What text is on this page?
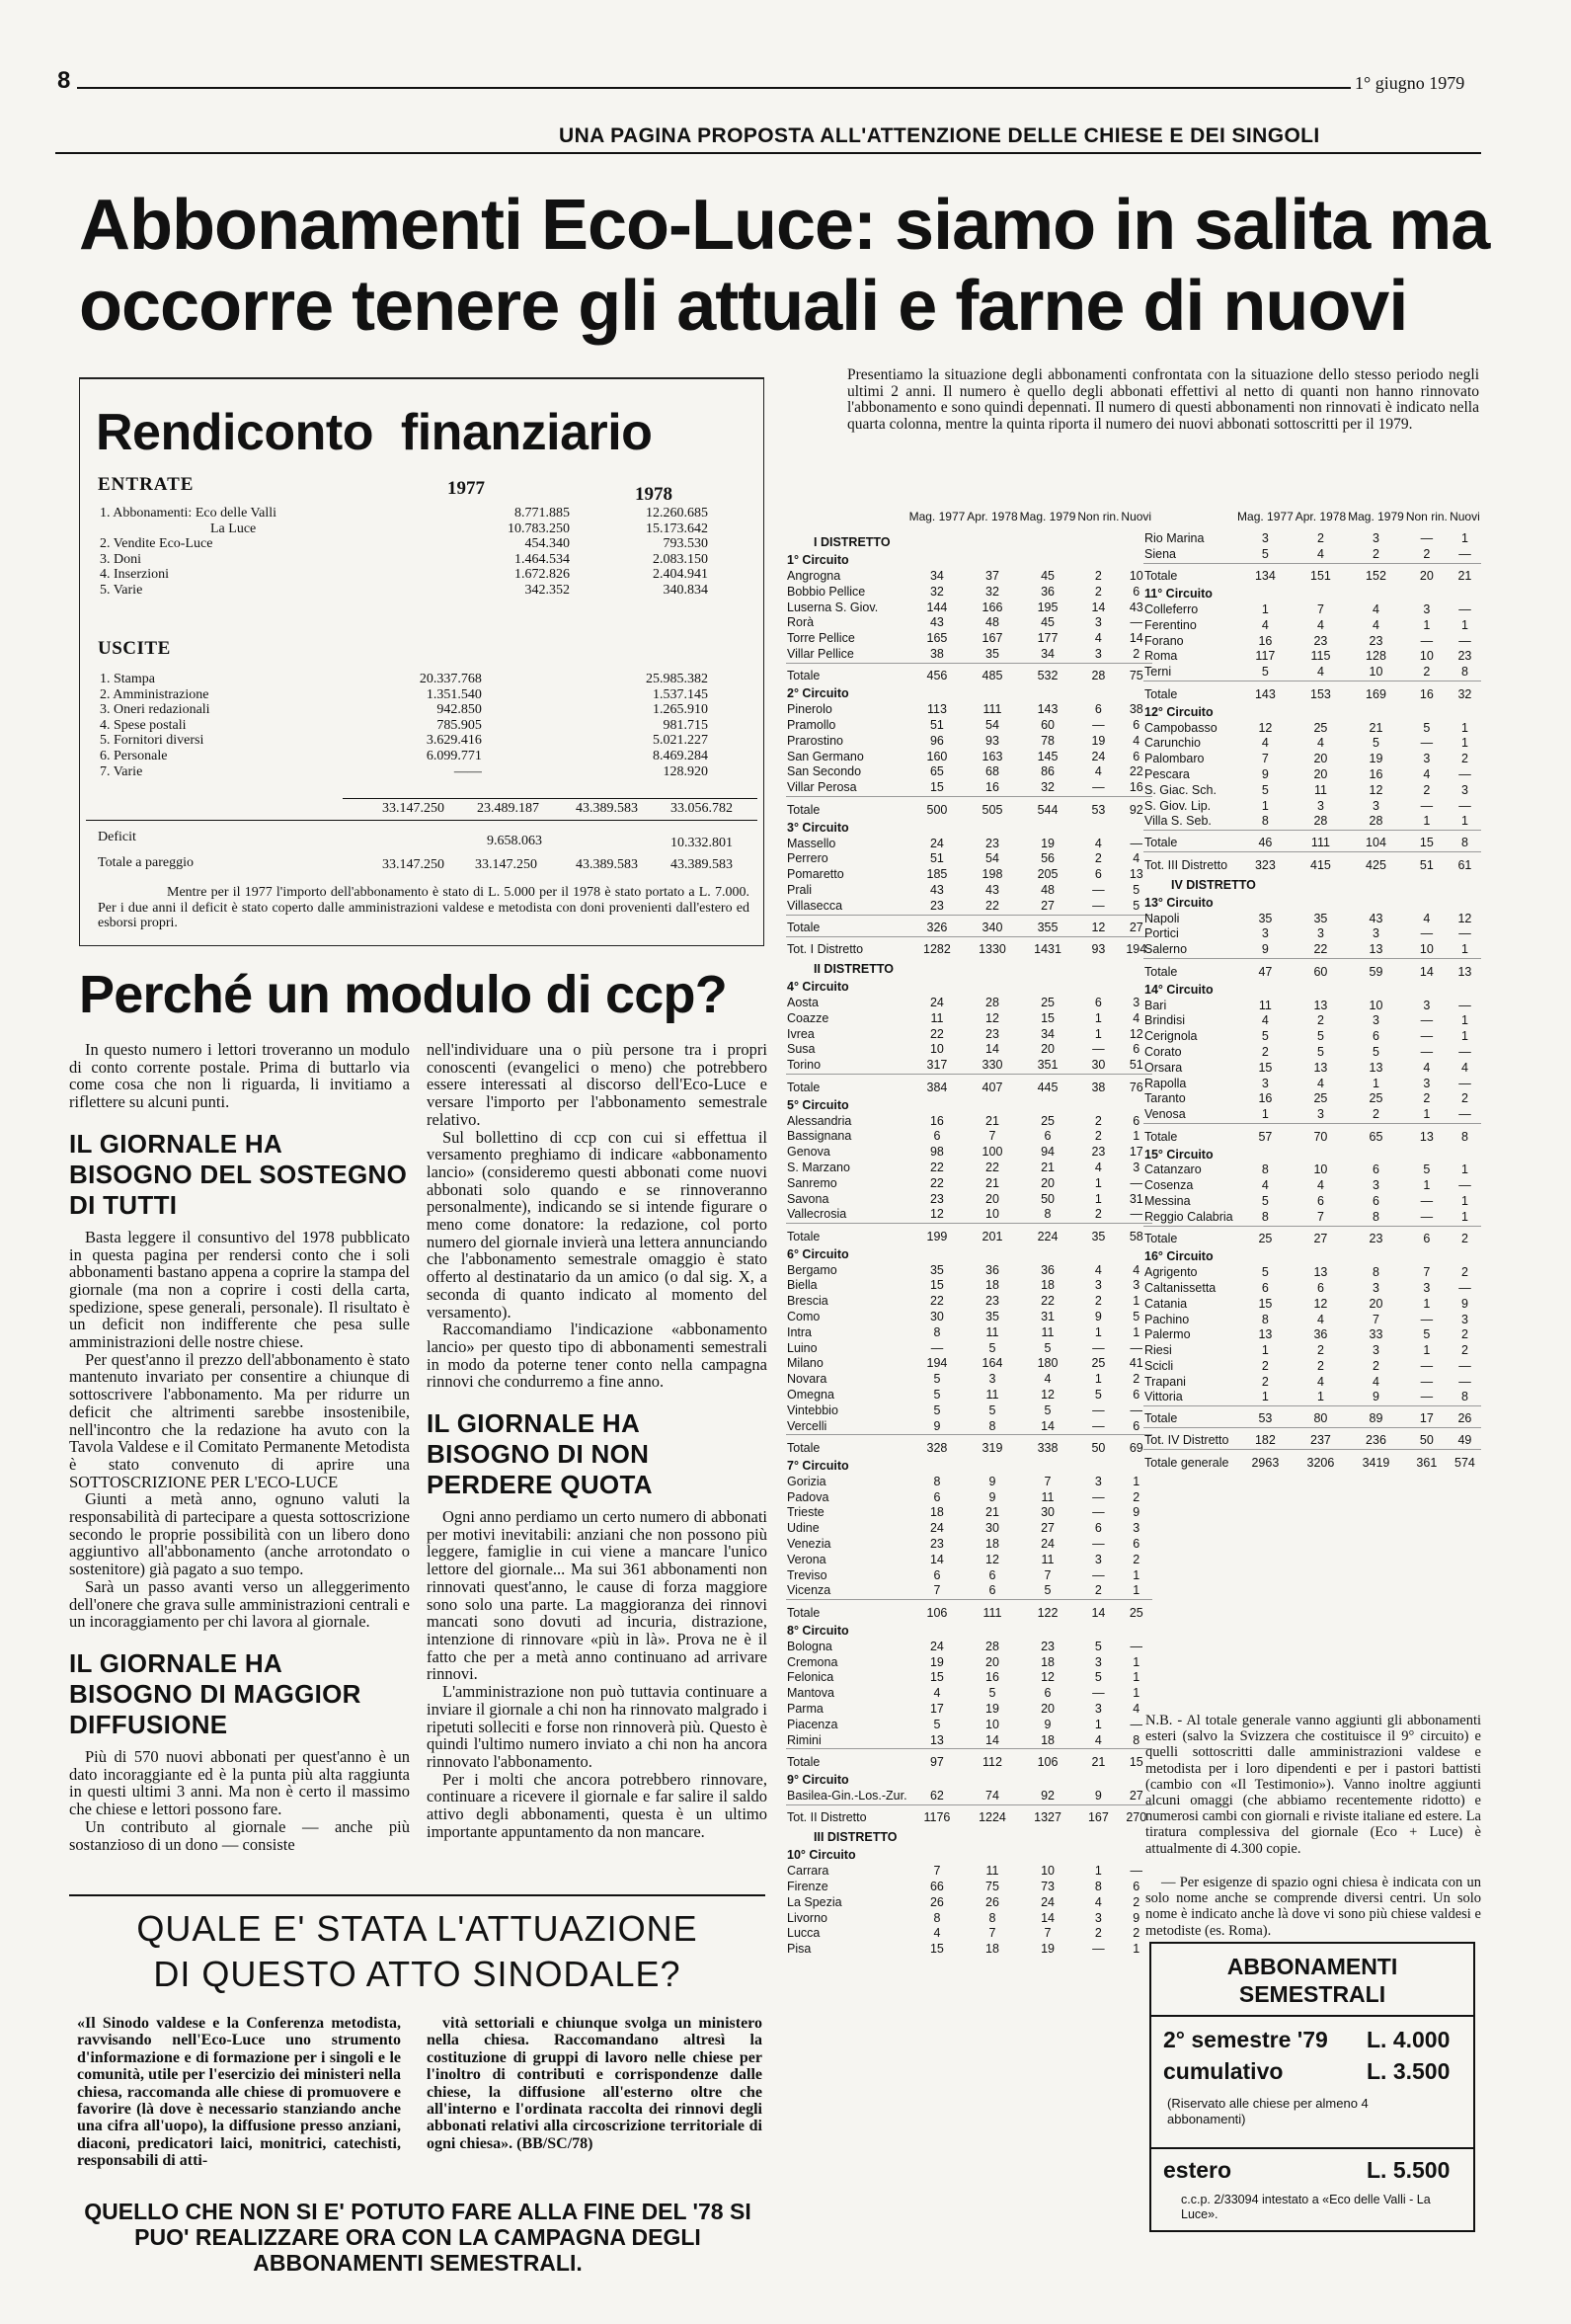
8	1° giugno 1979
UNA PAGINA PROPOSTA ALL'ATTENZIONE DELLE CHIESE E DEI SINGOLI
Abbonamenti Eco-Luce: siamo in salita ma
occorre tenere gli attuali e farne di nuovi

Presentiamo la situazione degli abbonamenti confrontata con la situazione dello stesso periodo negli ultimi 2 anni. Il numero è quello degli abbonati effettivi al netto di quanti non hanno rinnovato l'abbonamento e sono quindi depennati. Il numero di questi abbonamenti non rinnovati è indicato nella quarta colonna, mentre la quinta riporta il numero dei nuovi abbonati sottoscritti per il 1979.

Rendiconto finanziario
ENTRATE	1977	1978
1. Abbonamenti: Eco delle Valli		8.771.885		12.260.685
La Luce		10.783.250		15.173.642
2. Vendite Eco-Luce		454.340		793.530
3. Doni		1.464.534		2.083.150
4. Inserzioni		1.672.826		2.404.941
5. Varie		342.352		340.834
USCITE
1. Stampa	20.337.768		25.985.382
2. Amministrazione	1.351.540		1.537.145
3. Oneri redazionali	942.850		1.265.910
4. Spese postali	785.905		981.715
5. Fornitori diversi	3.629.416		5.021.227
6. Personale	6.099.771		8.469.284
7. Varie	——		128.920
33.147.250 23.489.187	43.389.583 33.056.782
Deficit	9.658.063	10.332.801
Totale a pareggio	33.147.250 33.147.250	43.389.583 43.389.583

Mentre per il 1977 l'importo dell'abbonamento è stato di L. 5.000 per il 1978 è stato portato a L. 7.000. Per i due anni il deficit è stato coperto dalle amministrazioni valdese e metodista con doni provenienti dall'estero ed esborsi propri.

Perché un modulo di ccp?

In questo numero i lettori troveranno un modulo di conto corrente postale. Prima di buttarlo via come cosa che non li riguarda, li invitiamo a riflettere su alcuni punti.

IL GIORNALE HA BISOGNO DEL SOSTEGNO DI TUTTI

Basta leggere il consuntivo del 1978 pubblicato in questa pagina per rendersi conto che i soli abbonamenti bastano appena a coprire la stampa del giornale (ma non a coprire i costi della carta, spedizione, spese generali, personale). Il risultato è un deficit non indifferente che pesa sulle amministrazioni delle nostre chiese.

Per quest'anno il prezzo dell'abbonamento è stato mantenuto invariato per consentire a chiunque di sottoscrivere l'abbonamento. Ma per ridurre un deficit che altrimenti sarebbe insostenibile, nell'incontro che la redazione ha avuto con la Tavola Valdese e il Comitato Permanente Metodista è stato convenuto di aprire una SOTTOSCRIZIONE PER L'ECO-LUCE

Giunti a metà anno, ognuno valuti la responsabilità di partecipare a questa sottoscrizione secondo le proprie possibilità con un libero dono aggiuntivo all'abbonamento (anche arrotondato o sostenitore) già pagato a suo tempo.

Sarà un passo avanti verso un alleggerimento dell'onere che grava sulle amministrazioni centrali e un incoraggiamento per chi lavora al giornale.

IL GIORNALE HA BISOGNO DI MAGGIOR DIFFUSIONE

Più di 570 nuovi abbonati per quest'anno è un dato incoraggiante ed è la punta più alta raggiunta in questi ultimi 3 anni. Ma non è certo il massimo che chiese e lettori possono fare.

Un contributo al giornale — anche più sostanzioso di un dono — consiste

nell'individuare una o più persone tra i propri conoscenti (evangelici o meno) che potrebbero essere interessati al discorso dell'Eco-Luce e versare l'importo per l'abbonamento semestrale relativo.

Sul bollettino di ccp con cui si effettua il versamento preghiamo di indicare «abbonamento lancio» (consideremo questi abbonati come nuovi abbonati solo quando e se rinnoveranno personalmente), indicando se si intende figurare o meno come donatore: la redazione, col porto numero del giornale invierà una lettera annunciando che l'abbonamento semestrale omaggio è stato offerto al destinatario da un amico (o dal sig. X, a seconda di quanto indicato al momento del versamento).

Raccomandiamo l'indicazione «abbonamento lancio» per questo tipo di abbonamenti semestrali in modo da poterne tener conto nella campagna rinnovi che condurremo a fine anno.

IL GIORNALE HA BISOGNO DI NON PERDERE QUOTA

Ogni anno perdiamo un certo numero di abbonati per motivi inevitabili: anziani che non possono più leggere, famiglie in cui viene a mancare l'unico lettore del giornale... Ma sui 361 abbonamenti non rinnovati quest'anno, le cause di forza maggiore sono solo una parte. La maggioranza dei rinnovi mancati sono dovuti ad incuria, distrazione, intenzione di rinnovare «più in là». Prova ne è il fatto che per a metà anno continuano ad arrivare rinnovi.

L'amministrazione non può tuttavia continuare a inviare il giornale a chi non ha rinnovato malgrado i ripetuti solleciti e forse non rinnoverà più. Questo è quindi l'ultimo numero inviato a chi non ha ancora rinnovato l'abbonamento.

Per i molti che ancora potrebbero rinnovare, continuare a ricevere il giornale e far salire il saldo attivo degli abbonamenti, questa è un ultimo importante appuntamento da non mancare.

QUALE E' STATA L'ATTUAZIONE
DI QUESTO ATTO SINODALE?

«Il Sinodo valdese e la Conferenza metodista, ravvisando nell'Eco-Luce uno strumento d'informazione e di formazione per i singoli e le comunità, utile per l'esercizio dei ministeri nella chiesa, raccomanda alle chiese di promuovere e favorire (là dove è necessario stanziando anche una cifra all'uopo), la diffusione presso anziani, diaconi, predicatori laici, monitrici, catechisti, responsabili di atti-

vità settoriali e chiunque svolga un ministero nella chiesa. Raccomandano altresì la costituzione di gruppi di lavoro nelle chiese per l'inoltro di contributi e corrispondenze dalle chiese, la diffusione all'esterno oltre che all'interno e l'ordinata raccolta dei rinnovi degli abbonati relativi alla circoscrizione territoriale di ogni chiesa». (BB/SC/78)

QUELLO CHE NON SI E' POTUTO FARE ALLA FINE DEL '78 SI PUO' REALIZZARE ORA CON LA CAMPAGNA DEGLI ABBONAMENTI SEMESTRALI.
	Mag. 1977	Apr. 1978	Mag. 1979	Non rin.	Nuovi

I DISTRETTO					
1° Circuito					
Angrogna	34	37	45	2	10
Bobbio Pellice	32	32	36	2	6
Luserna S. Giov.	144	166	195	14	43
Rorà	43	48	45	3	—
Torre Pellice	165	167	177	4	14
Villar Pellice	38	35	34	3	2
Totale	456	485	532	28	75
2° Circuito					
Pinerolo	113	111	143	6	38
Pramollo	51	54	60	—	6
Prarostino	96	93	78	19	4
San Germano	160	163	145	24	6
San Secondo	65	68	86	4	22
Villar Perosa	15	16	32	—	16
Totale	500	505	544	53	92
3° Circuito					
Massello	24	23	19	4	—
Perrero	51	54	56	2	4
Pomaretto	185	198	205	6	13
Prali	43	43	48	—	5
Villasecca	23	22	27	—	5
Totale	326	340	355	12	27
Tot. I Distretto	1282	1330	1431	93	194
II DISTRETTO					
4° Circuito					
Aosta	24	28	25	6	3
Coazze	11	12	15	1	4
Ivrea	22	23	34	1	12
Susa	10	14	20	—	6
Torino	317	330	351	30	51
Totale	384	407	445	38	76
5° Circuito					
Alessandria	16	21	25	2	6
Bassignana	6	7	6	2	1
Genova	98	100	94	23	17
S. Marzano	22	22	21	4	3
Sanremo	22	21	20	1	—
Savona	23	20	50	1	31
Vallecrosia	12	10	8	2	—
Totale	199	201	224	35	58
6° Circuito					
Bergamo	35	36	36	4	4
Biella	15	18	18	3	3
Brescia	22	23	22	2	1
Como	30	35	31	9	5
Intra	8	11	11	1	1
Luino	—	5	5	—	—
Milano	194	164	180	25	41
Novara	5	3	4	1	2
Omegna	5	11	12	5	6
Vintebbio	5	5	5	—	—
Vercelli	9	8	14	—	6
Totale	328	319	338	50	69
7° Circuito					
Gorizia	8	9	7	3	1
Padova	6	9	11	—	2
Trieste	18	21	30	—	9
Udine	24	30	27	6	3
Venezia	23	18	24	—	6
Verona	14	12	11	3	2
Treviso	6	6	7	—	1
Vicenza	7	6	5	2	1
Totale	106	111	122	14	25
8° Circuito					
Bologna	24	28	23	5	—
Cremona	19	20	18	3	1
Felonica	15	16	12	5	1
Mantova	4	5	6	—	1
Parma	17	19	20	3	4
Piacenza	5	10	9	1	—
Rimini	13	14	18	4	8
Totale	97	112	106	21	15
9° Circuito					
Basilea-Gin.-Los.-Zur.	62	74	92	9	27
Tot. II Distretto	1176	1224	1327	167	270
III DISTRETTO					
10° Circuito					
Carrara	7	11	10	1	—
Firenze	66	75	73	8	6
La Spezia	26	26	24	4	2
Livorno	8	8	14	3	9
Lucca	4	7	7	2	2
Pisa	15	18	19	—	1
	Mag. 1977	Apr. 1978	Mag. 1979	Non rin.	Nuovi

Rio Marina	3	2	3	—	1
Siena	5	4	2	2	—
Totale	134	151	152	20	21
11° Circuito					
Colleferro	1	7	4	3	—
Ferentino	4	4	4	1	1
Forano	16	23	23	—	—
Roma	117	115	128	10	23
Terni	5	4	10	2	8
Totale	143	153	169	16	32
12° Circuito					
Campobasso	12	25	21	5	1
Carunchio	4	4	5	—	1
Palombaro	7	20	19	3	2
Pescara	9	20	16	4	—
S. Giac. Sch.	5	11	12	2	3
S. Giov. Lip.	1	3	3	—	—
Villa S. Seb.	8	28	28	1	1
Totale	46	111	104	15	8
Tot. III Distretto	323	415	425	51	61
IV DISTRETTO					
13° Circuito					
Napoli	35	35	43	4	12
Portici	3	3	3	—	—
Salerno	9	22	13	10	1
Totale	47	60	59	14	13
14° Circuito					
Bari	11	13	10	3	—
Brindisi	4	2	3	—	1
Cerignola	5	5	6	—	1
Corato	2	5	5	—	—
Orsara	15	13	13	4	4
Rapolla	3	4	1	3	—
Taranto	16	25	25	2	2
Venosa	1	3	2	1	—
Totale	57	70	65	13	8
15° Circuito					
Catanzaro	8	10	6	5	1
Cosenza	4	4	3	1	—
Messina	5	6	6	—	1
Reggio Calabria	8	7	8	—	1
Totale	25	27	23	6	2
16° Circuito					
Agrigento	5	13	8	7	2
Caltanissetta	6	6	3	3	—
Catania	15	12	20	1	9
Pachino	8	4	7	—	3
Palermo	13	36	33	5	2
Riesi	1	2	3	1	2
Scicli	2	2	2	—	—
Trapani	2	4	4	—	—
Vittoria	1	1	9	—	8
Totale	53	80	89	17	26
Tot. IV Distretto	182	237	236	50	49
Totale generale	2963	3206	3419	361	574

N.B. - Al totale generale vanno aggiunti gli abbonamenti esteri (salvo la Svizzera che costituisce il 9° circuito) e quelli sottoscritti dalle amministrazioni valdese e metodista per i loro dipendenti e per i pastori battisti (cambio con «Il Testimonio»). Vanno inoltre aggiunti alcuni omaggi (che abbiamo recentemente ridotto) e numerosi cambi con giornali e riviste italiane ed estere. La tiratura complessiva del giornale (Eco + Luce) è attualmente di 4.300 copie.

— Per esigenze di spazio ogni chiesa è indicata con un solo nome anche se comprende diversi centri. Un solo nome è indicato anche là dove vi sono più chiese valdesi e metodiste (es. Roma).

ABBONAMENTI
SEMESTRALI
2° semestre '79 L. 4.000
cumulativo	L. 3.500
(Riservato alle chiese per almeno 4 abbonamenti)
estero	L. 5.500
c.c.p. 2/33094 intestato a «Eco delle Valli - La Luce».
